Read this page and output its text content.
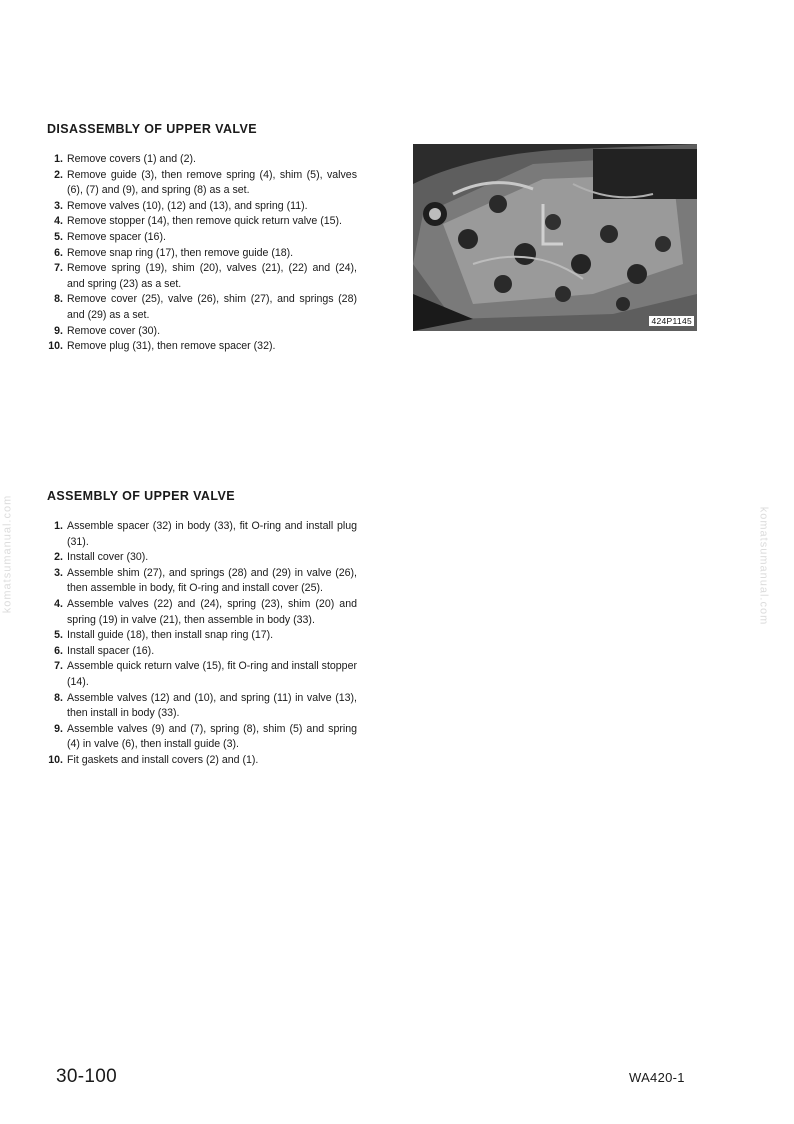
DISASSEMBLY OF UPPER VALVE
1. Remove covers (1) and (2).
2. Remove guide (3), then remove spring (4), shim (5), valves (6), (7) and (9), and spring (8) as a set.
3. Remove valves (10), (12) and (13), and spring (11).
4. Remove stopper (14), then remove quick return valve (15).
5. Remove spacer (16).
6. Remove snap ring (17), then remove guide (18).
7. Remove spring (19), shim (20), valves (21), (22) and (24), and spring (23) as a set.
8. Remove cover (25), valve (26), shim (27), and springs (28) and (29) as a set.
9. Remove cover (30).
10. Remove plug (31), then remove spacer (32).
424P1145
ASSEMBLY OF UPPER VALVE
1. Assemble spacer (32) in body (33), fit O-ring and install plug (31).
2. Install cover (30).
3. Assemble shim (27), and springs (28) and (29) in valve (26), then assemble in body, fit O-ring and install cover (25).
4. Assemble valves (22) and (24), spring (23), shim (20) and spring (19) in valve (21), then assemble in body (33).
5. Install guide (18), then install snap ring (17).
6. Install spacer (16).
7. Assemble quick return valve (15), fit O-ring and install stopper (14).
8. Assemble valves (12) and (10), and spring (11) in valve (13), then install in body (33).
9. Assemble valves (9) and (7), spring (8), shim (5) and spring (4) in valve (6), then install guide (3).
10. Fit gaskets and install covers (2) and (1).
komatsumanual.com	komatsumanual.com
30-100	WA420-1
